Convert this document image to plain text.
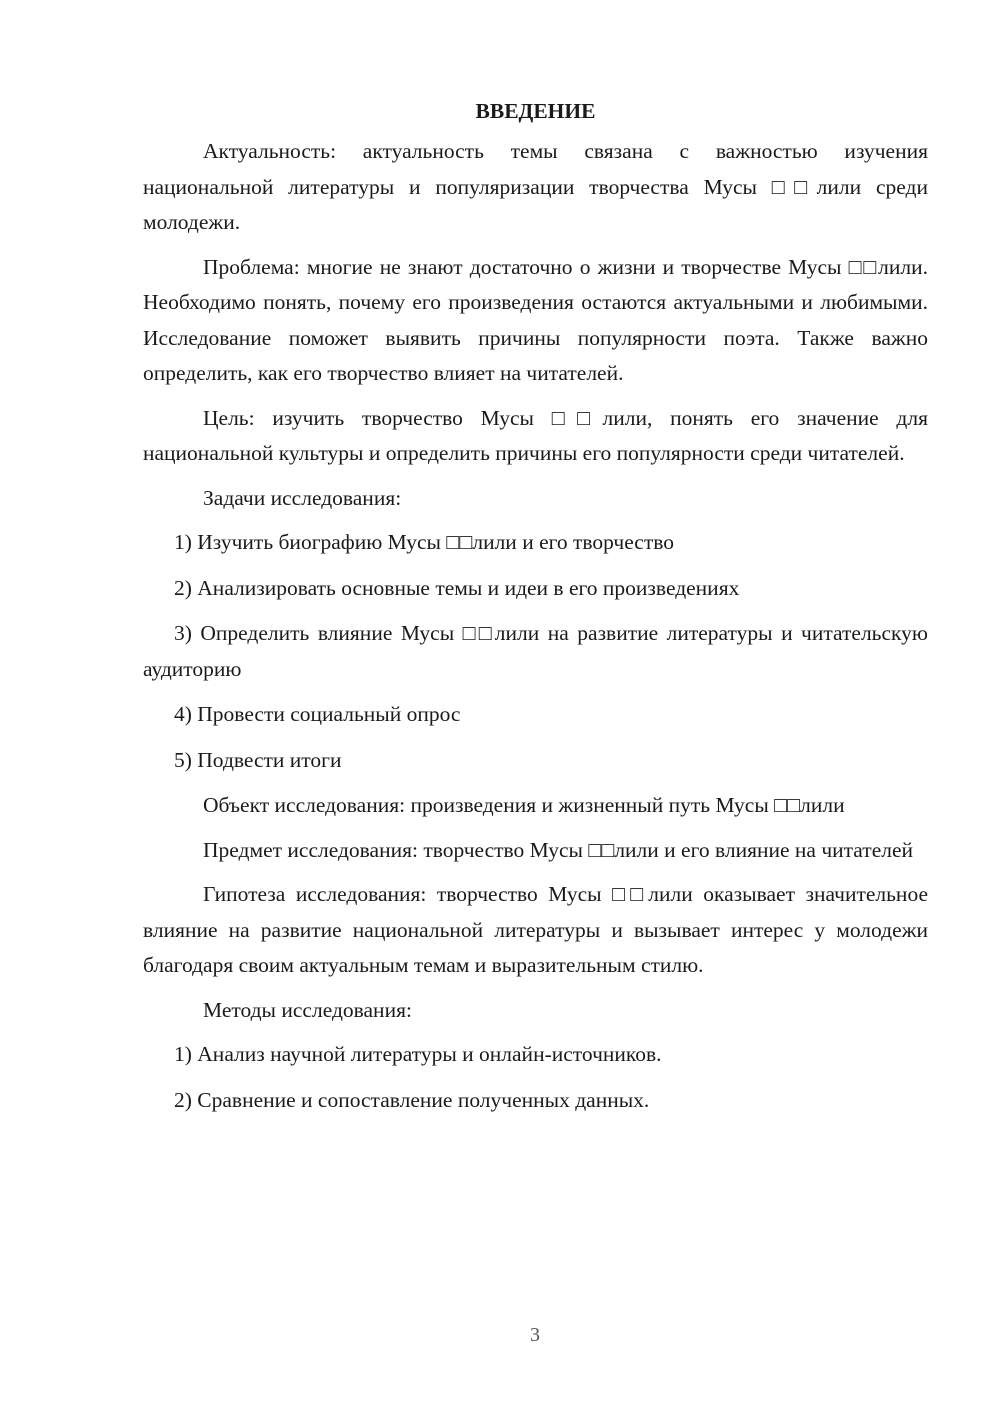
ВВЕДЕНИЕ

Актуальность: актуальность темы связана с важностью изучения национальной литературы и популяризации творчества Мусы □□лили среди молодежи.

Проблема: многие не знают достаточно о жизни и творчестве Мусы □□лили. Необходимо понять, почему его произведения остаются актуальными и любимыми. Исследование поможет выявить причины популярности поэта. Также важно определить, как его творчество влияет на читателей.

Цель: изучить творчество Мусы □□лили, понять его значение для национальной культуры и определить причины его популярности среди читателей.

Задачи исследования:

1) Изучить биографию Мусы □□лили и его творчество

2) Анализировать основные темы и идеи в его произведениях

3) Определить влияние Мусы □□лили на развитие литературы и читательскую аудиторию

4) Провести социальный опрос

5) Подвести итоги

Объект исследования: произведения и жизненный путь Мусы □□лили

Предмет исследования: творчество Мусы □□лили и его влияние на читателей

Гипотеза исследования: творчество Мусы □□лили оказывает значительное влияние на развитие национальной литературы и вызывает интерес у молодежи благодаря своим актуальным темам и выразительным стилю.

Методы исследования:

1) Анализ научной литературы и онлайн-источников.

2) Сравнение и сопоставление полученных данных.

3
